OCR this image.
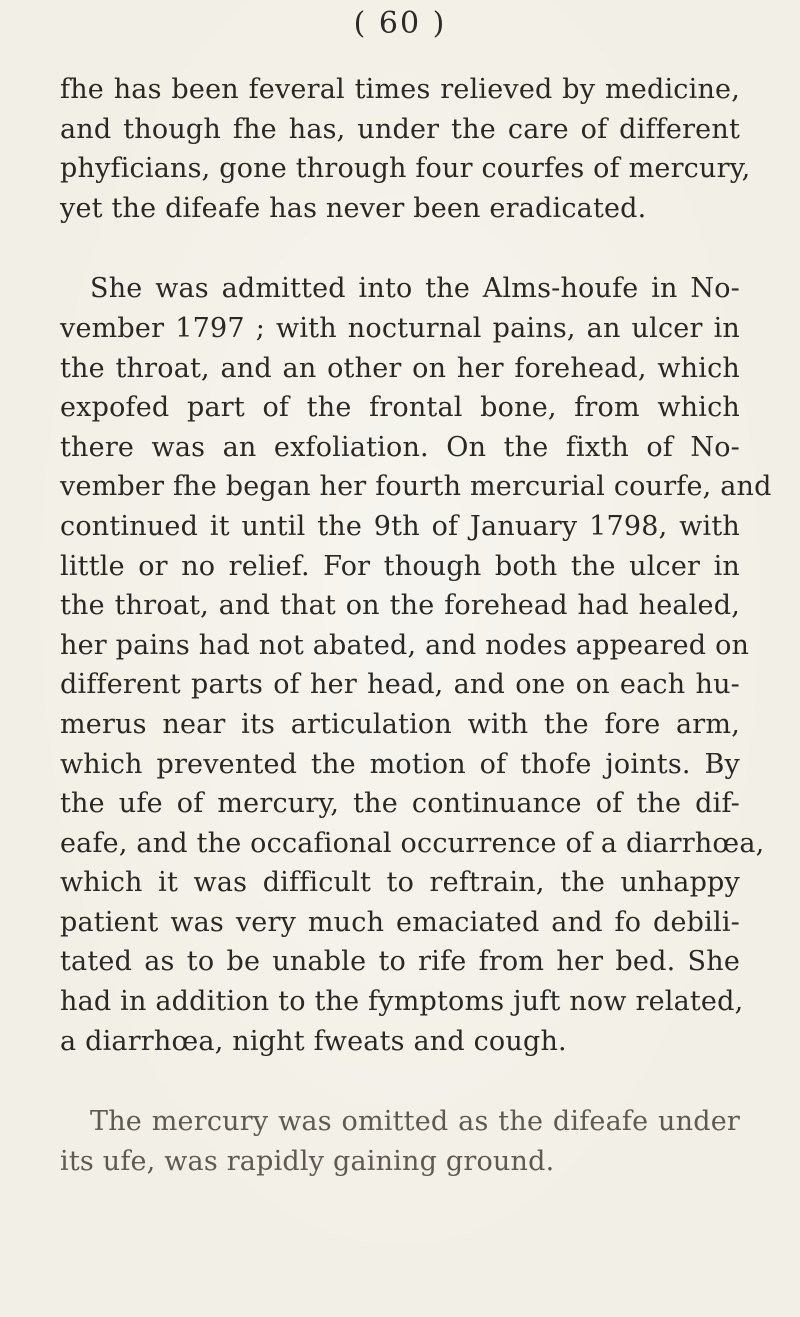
( 60 )
fhe has been feveral times relieved by medicine,
and though fhe has, under the care of different
phyficians, gone through four courfes of mercury,
yet the difeafe has never been eradicated.
She was admitted into the Alms-houfe in No-
vember 1797 ; with nocturnal pains, an ulcer in
the throat, and an other on her forehead, which
expofed part of the frontal bone, from which
there was an exfoliation. On the fixth of No-
vember fhe began her fourth mercurial courfe, and
continued it until the 9th of January 1798, with
little or no relief. For though both the ulcer in
the throat, and that on the forehead had healed,
her pains had not abated, and nodes appeared on
different parts of her head, and one on each hu-
merus near its articulation with the fore arm,
which prevented the motion of thofe joints. By
the ufe of mercury, the continuance of the dif-
eafe, and the occafional occurrence of a diarrhœa,
which it was difficult to reftrain, the unhappy
patient was very much emaciated and fo debili-
tated as to be unable to rife from her bed. She
had in addition to the fymptoms juft now related,
a diarrhœa, night fweats and cough.
The mercury was omitted as the difeafe under
its ufe, was rapidly gaining ground.
